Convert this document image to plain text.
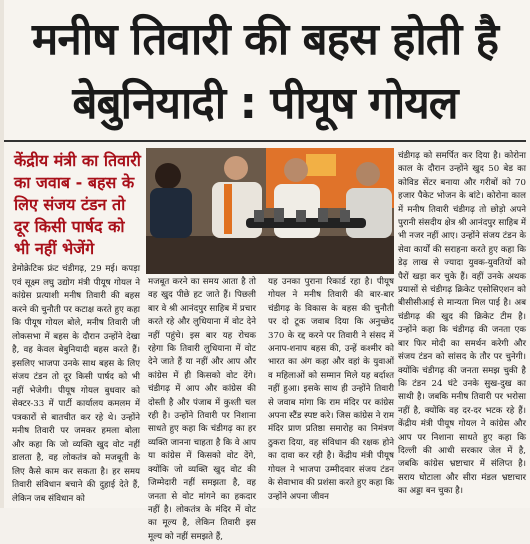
मनीष तिवारी की बहस होती है
बेबुनियादी : पीयूष गोयल
केंद्रीय मंत्री का तिवारी का जवाब - बहस के लिए संजय टंडन तो दूर किसी पार्षद को भी नहीं भेजेंगे
डेमोक्रेटिक फ्रंट चंडीगढ़, 29 मई। कपड़ा एवं सूक्ष्म लघु उद्योग मंत्री पीयूष गोयल ने कांग्रेस प्रत्याशी मनीष तिवारी की बहस करने की चुनौती पर कटाक्ष करते हुए कहा कि पीयूष गोयल बोले, मनीष तिवारी जी लोकसभा में बहस के दौरान उन्होंने देखा है, वह केवल बेबुनियादी बहस करते हैं। इसलिए भाजपा उनके साथ बहस के लिए संजय टंडन तो दूर किसी पार्षद को भी नहीं भेजेगी। पीयूष गोयल बुधवार को सेक्टर-33 में पार्टी कार्यालय कमलम में पत्रकारों से बातचीत कर रहे थे। उन्होंने मनीष तिवारी पर जमकर हमला बोला और कहा कि जो व्यक्ति खुद वोट नहीं डालता है, वह लोकतंत्र को मजबूती के लिए कैसे काम कर सकता है। हर समय तिवारी संविधान बचाने की दुहाई देते हैं, लेकिन जब संविधान को
मजबूत करने का समय आता है तो वह खुद पीछे हट जाते हैं। पिछली बार वे श्री आनंदपुर साहिब में प्रचार करते रहे और लुधियाना में वोट देने नहीं पहुंचे। इस बार यह रोचक रहेगा कि तिवारी लुधियाना में वोट देने जाते हैं या नहीं और आप और कांग्रेस में ही किसको वोट देंगे। चंडीगढ़ में आप और कांग्रेस की दोस्ती है और पंजाब में कुश्ती चल रही है। उन्होंने तिवारी पर निशाना साधते हुए कहा कि चंडीगढ़ का हर व्यक्ति जानना चाहता है कि वे आप या कांग्रेस में किसको वोट देंगे, क्योंकि जो व्यक्ति खुद वोट की जिम्मेदारी नहीं समझता है, वह जनता से वोट मांगने का हकदार नहीं है। लोकतंत्र के मंदिर में वोट का मूल्य है, लेकिन तिवारी इस मूल्य को नहीं समझते हैं,
यह उनका पुराना रिकार्ड रहा है। पीयूष गोयल ने मनीष तिवारी की बार-बार चंडीगढ़ के विकास के बहस की चुनौती पर दो टूक जवाब दिया कि अनुच्छेद 370 के रद्द करने पर तिवारी ने संसद में अनाप-शनाप बहस की, उन्हें कश्मीर को भारत का अंग कहा और वहां के युवाओं व महिलाओं को सम्मान मिले यह बर्दाश्त नहीं हुआ। इसके साथ ही उन्होंने तिवारी से जवाब मांगा कि राम मंदिर पर कांग्रेस अपना स्टैंड स्पष्ट करे। जिस कांग्रेस ने राम मंदिर प्राण प्रतिष्ठा समारोह का निमंत्रण ठुकरा दिया, वह संविधान की रक्षक होने का दावा कर रही है। केंद्रीय मंत्री पीयूष गोयल ने भाजपा उम्मीदवार संजय टंडन के सेवाभाव की प्रशंसा करते हुए कहा कि उन्होंने अपना जीवन
चंडीगढ़ को समर्पित कर दिया है। कोरोना काल के दौरान उन्होंने खुद 50 बेड का कोविड सेंटर बनाया और गरीबों को 70 हजार पैकेट भोजन के बांटे। कोरोना काल में मनीष तिवारी चंडीगढ़ तो छोड़ो अपने पुरानी संसदीय क्षेत्र श्री आनंदपुर साहिब में भी नजर नहीं आए। उन्होंने संजय टंडन के सेवा कार्यों की सराहना करते हुए कहा कि डेढ़ लाख से ज्यादा युवक-युवतियों को पैरों खड़ा कर चुके हैं। वहीं उनके अथक प्रयासों से चंडीगढ़ क्रिकेट एसोसिएशन को बीसीसीआई से मान्यता मिल पाई है। अब चंडीगढ़ की खुद की क्रिकेट टीम है। उन्होंने कहा कि चंडीगढ़ की जनता एक बार फिर मोदी का समर्थन करेगी और संजय टंडन को सांसद के तौर पर चुनेगी। क्योंकि चंडीगढ़ की जनता समझ चुकी है कि टंडन 24 घंटे उनके सुख-दुख का साथी है। जबकि मनीष तिवारी पर भरोसा नहीं है, क्योंकि वह दर-दर भटक रहे हैं। केंद्रीय मंत्री पीयूष गोयल ने कांग्रेस और आप पर निशाना साधते हुए कहा कि दिल्ली की आधी सरकार जेल में है, जबकि कांग्रेस भ्रष्टाचार में संलिप्त है। सराय घोटाला और सीरा मंडल भ्रष्टाचार का अड्डा बन चुका है।
